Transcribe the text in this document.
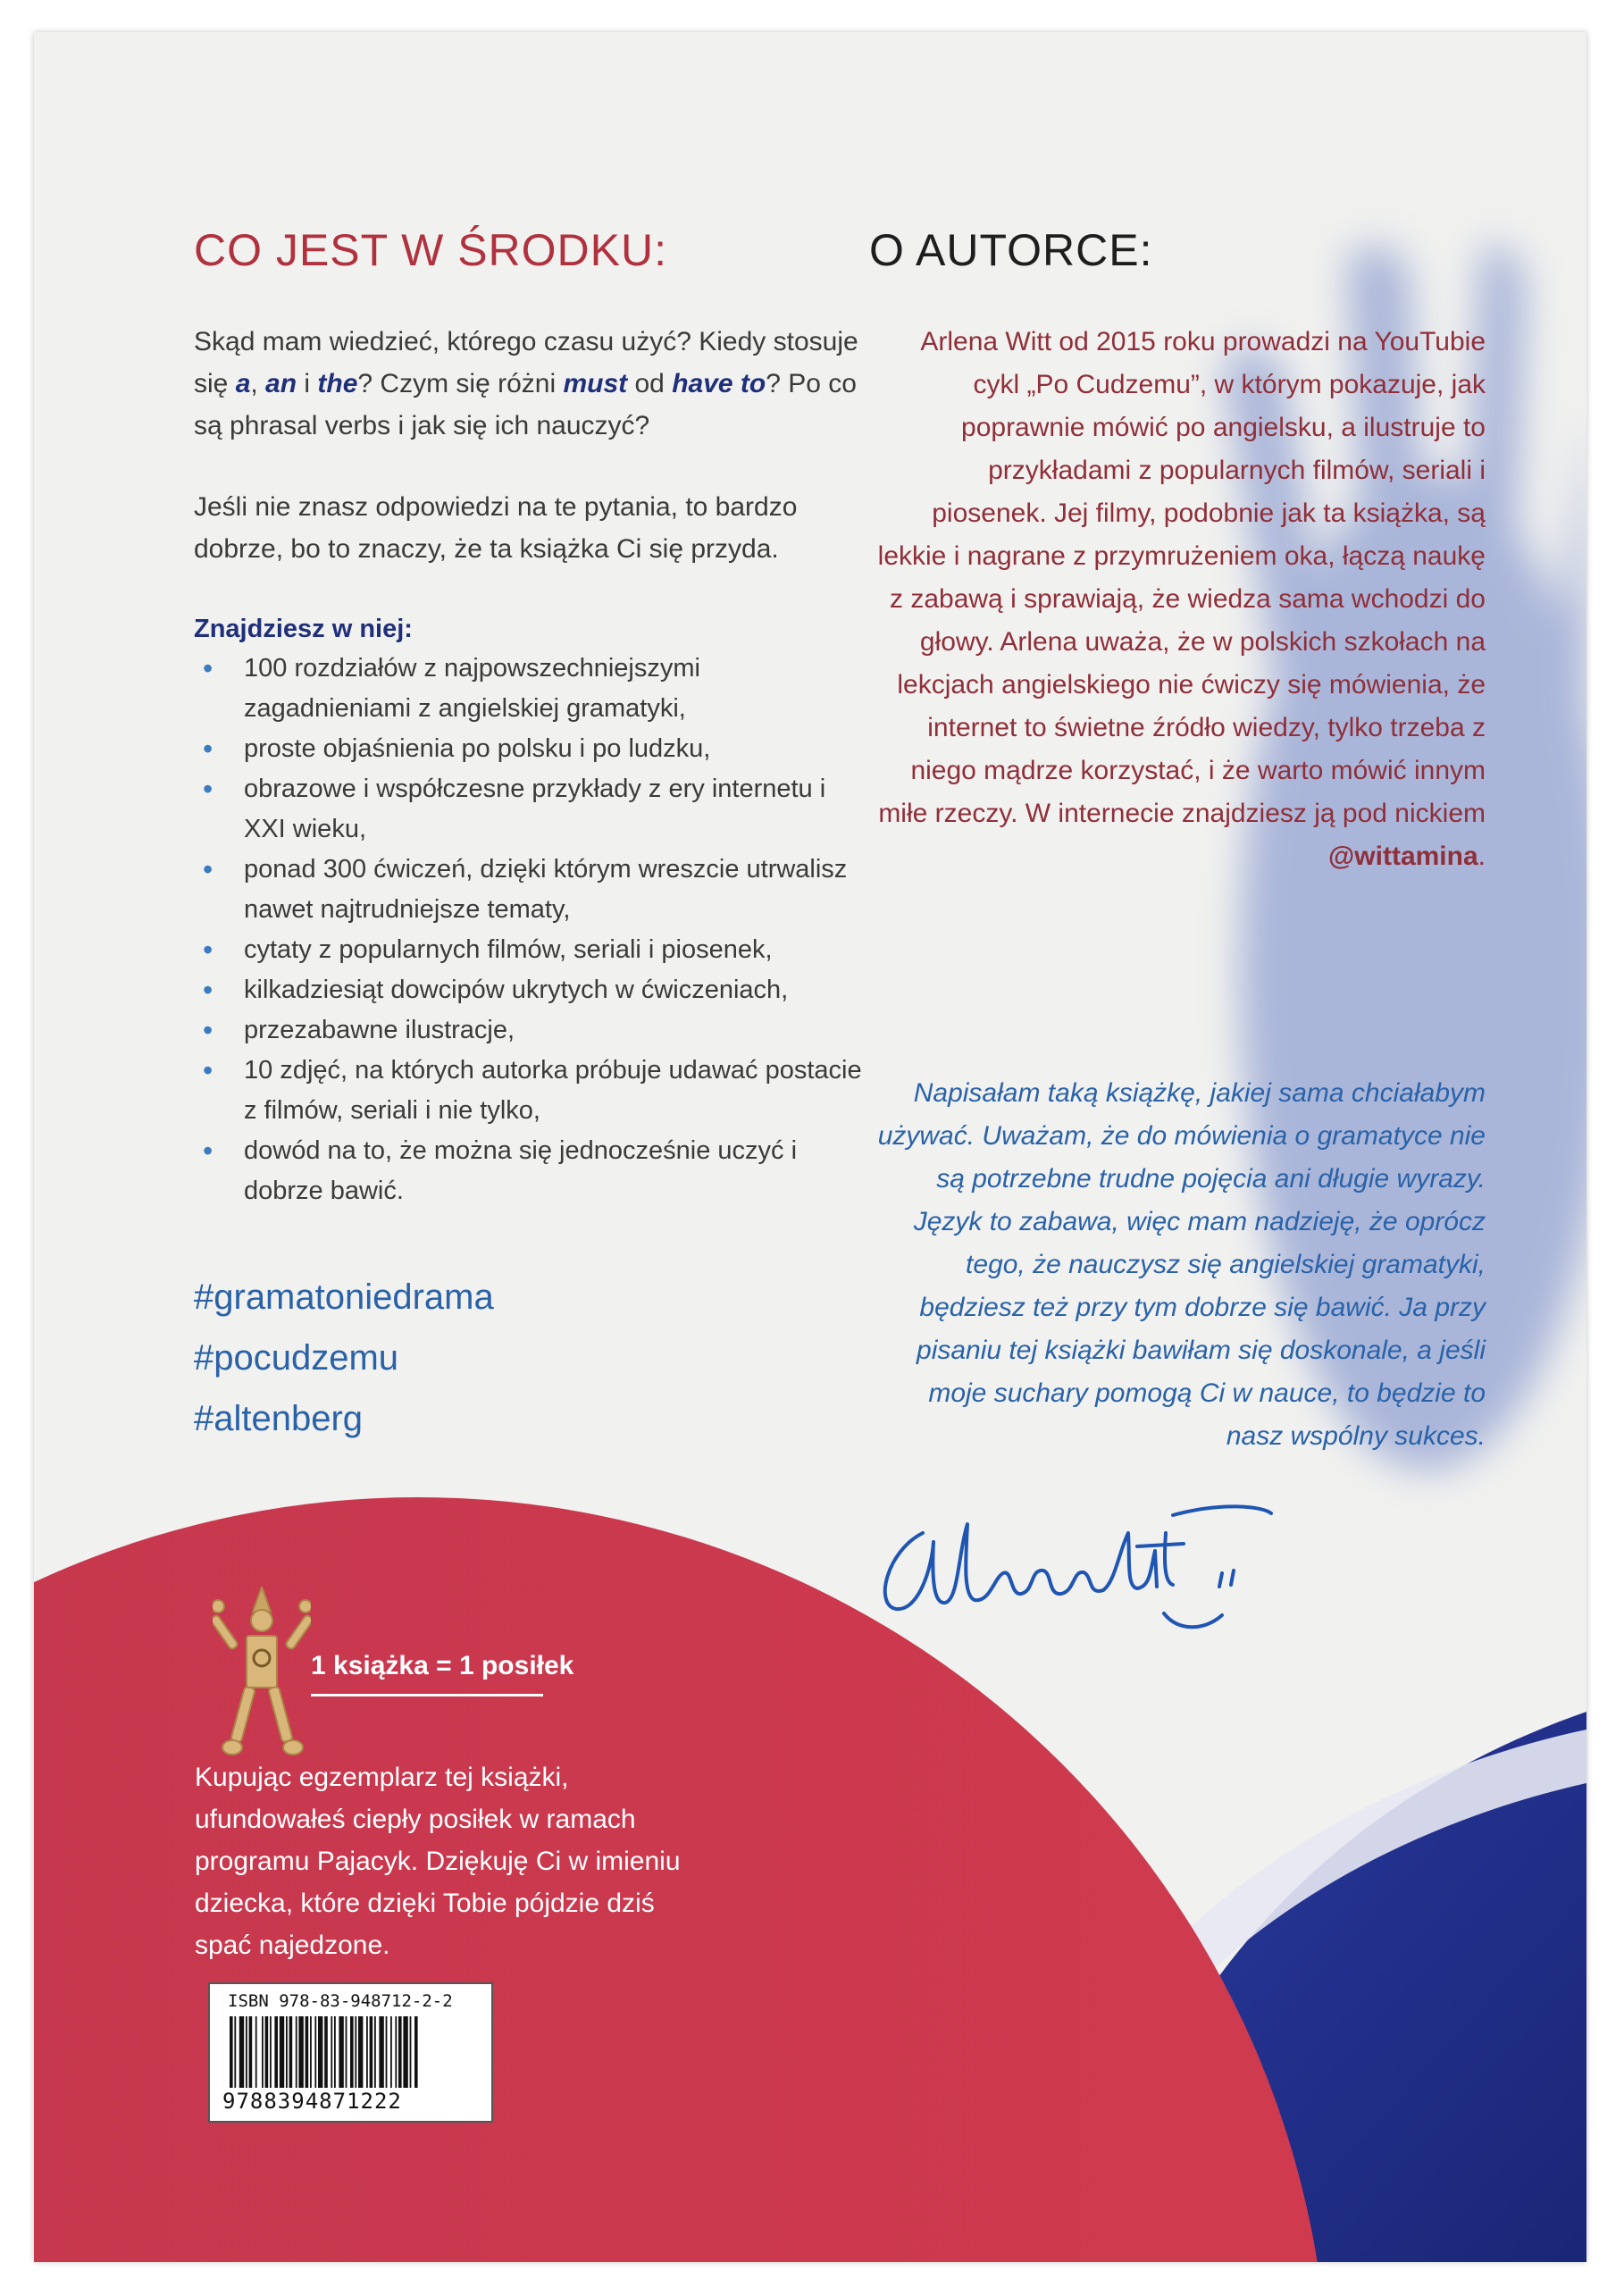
CO JEST W ŚRODKU:

Skąd mam wiedzieć, którego czasu użyć? Kiedy stosuje się a, an i the? Czym się różni must od have to? Po co są phrasal verbs i jak się ich nauczyć?

Jeśli nie znasz odpowiedzi na te pytania, to bardzo dobrze, bo to znaczy, że ta książka Ci się przyda.

Znajdziesz w niej:

• 100 rozdziałów z najpowszechniejszymi zagadnieniami z angielskiej gramatyki,
• proste objaśnienia po polsku i po ludzku,
• obrazowe i współczesne przykłady z ery internetu i XXI wieku,
• ponad 300 ćwiczeń, dzięki którym wreszcie utrwalisz nawet najtrudniejsze tematy,
• cytaty z popularnych filmów, seriali i piosenek,
• kilkadziesiąt dowcipów ukrytych w ćwiczeniach,
• przezabawne ilustracje,
• 10 zdjęć, na których autorka próbuje udawać postacie z filmów, seriali i nie tylko,
• dowód na to, że można się jednocześnie uczyć i dobrze bawić.
#gramatoniedrama
#pocudzemu
#altenberg
O AUTORCE:

Arlena Witt od 2015 roku prowadzi na YouTubie cykl „Po Cudzemu”, w którym pokazuje, jak poprawnie mówić po angielsku, a ilustruje to przykładami z popularnych filmów, seriali i piosenek. Jej filmy, podobnie jak ta książka, są lekkie i nagrane z przymrużeniem oka, łączą naukę z zabawą i sprawiają, że wiedza sama wchodzi do głowy. Arlena uważa, że w polskich szkołach na lekcjach angielskiego nie ćwiczy się mówienia, że internet to świetne źródło wiedzy, tylko trzeba z niego mądrze korzystać, i że warto mówić innym miłe rzeczy. W internecie znajdziesz ją pod nickiem @wittamina.

Napisałam taką książkę, jakiej sama chciałabym używać. Uważam, że do mówienia o gramatyce nie są potrzebne trudne pojęcia ani długie wyrazy. Język to zabawa, więc mam nadzieję, że oprócz tego, że nauczysz się angielskiej gramatyki, będziesz też przy tym dobrze się bawić. Ja przy pisaniu tej książki bawiłam się doskonale, a jeśli moje suchary pomogą Ci w nauce, to będzie to nasz wspólny sukces.
1 książka = 1 posiłek
Kupując egzemplarz tej książki, ufundowałeś ciepły posiłek w ramach programu Pajacyk. Dziękuję Ci w imieniu dziecka, które dzięki Tobie pójdzie dziś spać najedzone.
ISBN 978-83-948712-2-2
9788394871222
